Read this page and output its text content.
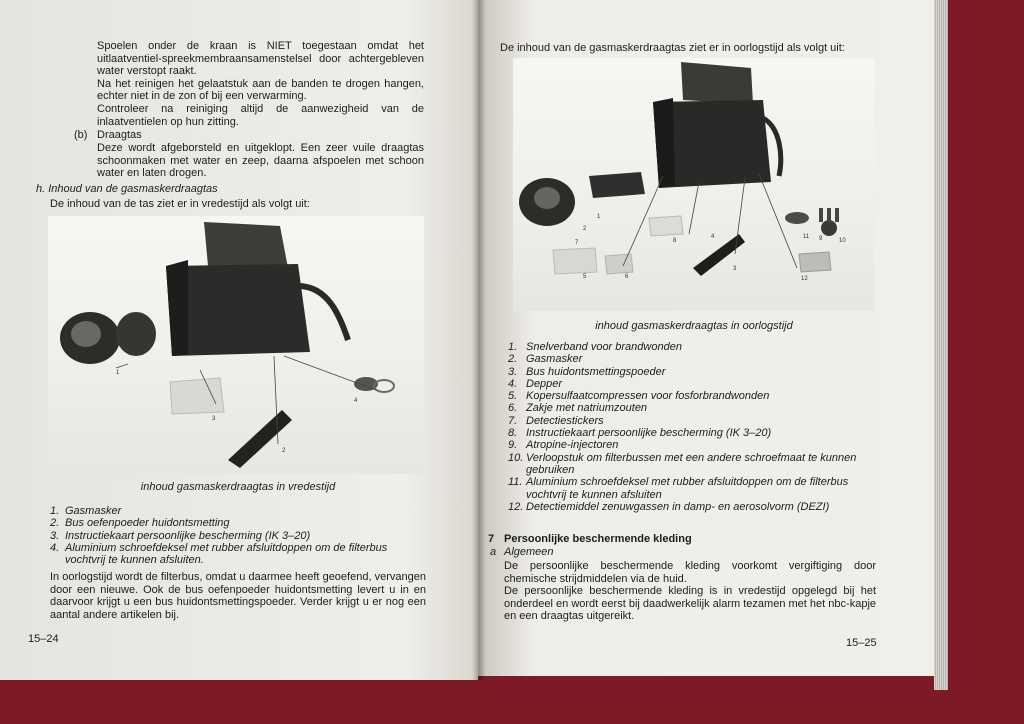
Spoelen onder de kraan is NIET toegestaan omdat het uitlaatventiel-spreekmembraansamenstelsel door achtergebleven water verstopt raakt.

Na het reinigen het gelaatstuk aan de banden te drogen hangen, echter niet in de zon of bij een verwarming.

Controleer na reiniging altijd de aanwezigheid van de inlaatventielen op hun zitting.

(b) Draagtas
Deze wordt afgeborsteld en uitgeklopt. Een zeer vuile draagtas schoonmaken met water en zeep, daarna afspoelen met schoon water en laten drogen.
h. Inhoud van de gasmaskerdraagtas
De inhoud van de tas ziet er in vredestijd als volgt uit:
1
2
3
4
inhoud gasmaskerdraagtas in vredestijd
1. Gasmasker
2. Bus oefenpoeder huidontsmetting
3. Instructiekaart persoonlijke bescherming (IK 3–20)
4. Aluminium schroefdeksel met rubber afsluitdoppen om de filterbus vochtvrij te kunnen afsluiten.
In oorlogstijd wordt de filterbus, omdat u daarmee heeft geoefend, vervangen door een nieuwe. Ook de bus oefenpoeder huidontsmetting levert u in en daarvoor krijgt u een bus huidontsmettingspoeder. Verder krijgt u er nog een aantal andere artikelen bij.
15–24
De inhoud van de gasmaskerdraagtas ziet er in oorlogstijd als volgt uit:
1
2
3
4
5	6
7	8	9	10
11
12
inhoud gasmaskerdraagtas in oorlogstijd
1. Snelverband voor brandwonden
2. Gasmasker
3. Bus huidontsmettingspoeder
4. Depper
5. Kopersulfaatcompressen voor fosforbrandwonden
6. Zakje met natriumzouten
7. Detectiestickers
8. Instructiekaart persoonlijke bescherming (IK 3–20)
9. Atropine-injectoren
10. Verloopstuk om filterbussen met een andere schroefmaat te kunnen gebruiken
11. Aluminium schroefdeksel met rubber afsluitdoppen om de filterbus vochtvrij te kunnen afsluiten
12. Detectiemiddel zenuwgassen in damp- en aerosolvorm (DEZI)
7 Persoonlijke beschermende kleding
a Algemeen

De persoonlijke beschermende kleding voorkomt vergiftiging door chemische strijdmiddelen via de huid.

De persoonlijke beschermende kleding is in vredestijd opgelegd bij het onderdeel en wordt eerst bij daadwerkelijk alarm tezamen met het nbc-kapje en een draagtas uitgereikt.

15–25
